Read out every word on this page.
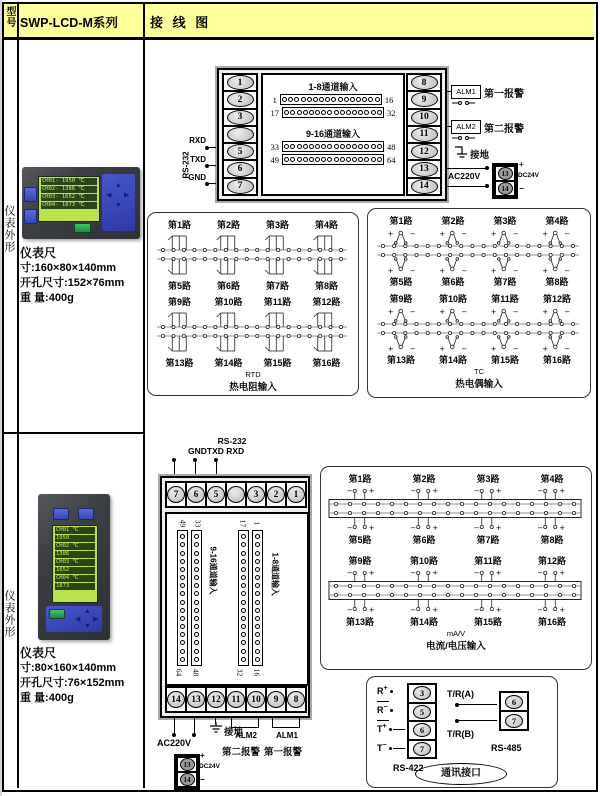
型号 SWP-LCD-M系列 接 线 图
仪表外形
CH01- 1950 ℃
CH02- 1386 ℃
CH03- 1652 ℃
CH04- 1873 ℃
▲
◀ ▶
▼
仪表尺
寸:160×80×140mm
开孔尺寸:152×76mm
重 量:400g
1
2
3
5
6
7
1-8通道输入
1	16
17	32
9-16通道输入
33	48
49	64
8
9
10
11
12
13
14
RS-232
RXD
TXD
GND
ALM1 第一报警
ALM2 第二报警
接地
AC220V	13
14
+
DC24V
−
第1路	第2路	第3路	第4路
第5路	第6路	第7路	第8路
第9路	第10路	第11路	第12路
第13路	第14路	第15路	第16路
RTD
热电阻输入
第1路	第2路	第3路	第4路
+ −
+ −
+ −
+ −
+ −
+ −
+ −
+ −
第5路	第6路	第7路	第8路
第9路	第10路	第11路	第12路
+ −
+ −
+ −
+ −
+ −
+ −
+ −
+ −
第13路	第14路	第15路	第16路
TC
热电偶输入
仪表外形
CH01 ℃
1950
CH02 ℃
1386
CH03 ℃
1652
CH04 ℃
1873
▲
◀ ▶
▼
仪表尺
寸:80×160×140mm
开孔尺寸:76×152mm
重 量:400g
RS-232
GNDTXD RXD
7	6	5	3	2	1
49 33
64 48
9-16通道输入
17 1
32 16
1-8通道输入
14	13	12	11	10	9	8
AC220V
接地
ALM2
第二报警
ALM1
第一报警
13
14
+
DC24V
−
第1路	第2路	第3路	第4路
− +
− +
− +
− +
− +
− +
− +
− +
第5路	第6路	第7路	第8路
第9路	第10路	第11路	第12路
− +
− +
− +
− +
− +
− +
− +
− +
第13路	第14路	第15路	第16路
mA/V
电流/电压输入
R+
R−
T+
T−
3
5
6
7
RS-422
T/R(A)
6
7
T/R(B)
RS-485
通讯接口
